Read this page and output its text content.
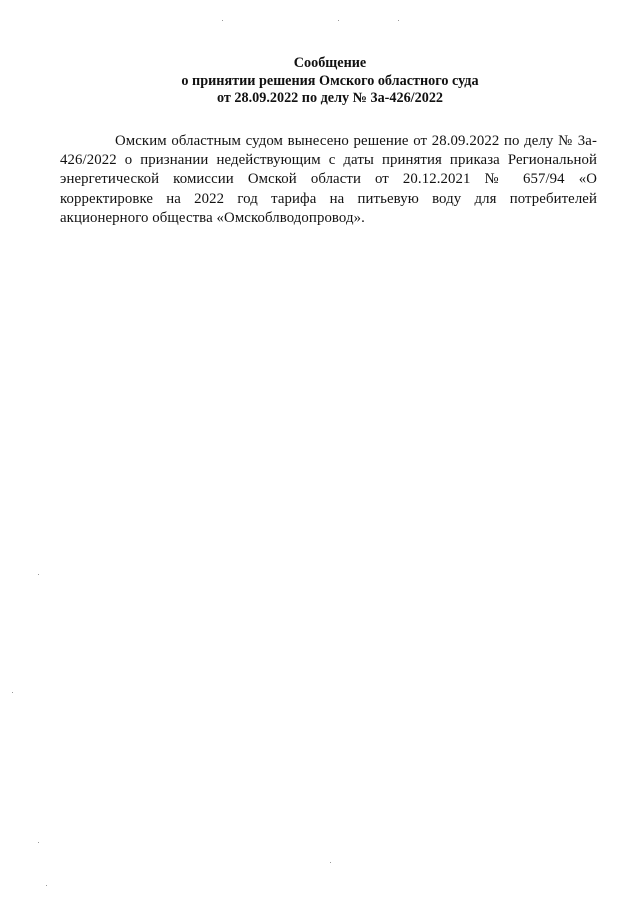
Сообщение
о принятии решения Омского областного суда
от 28.09.2022 по делу № 3а-426/2022
Омским областным судом вынесено решение от 28.09.2022 по делу № 3а-
426/2022 о признании недействующим с даты принятия приказа Региональной
энергетической комиссии Омской области от 20.12.2021 № 657/94 «О
корректировке на 2022 год тарифа на питьевую воду для потребителей
акционерного общества «Омскоблводопровод».
